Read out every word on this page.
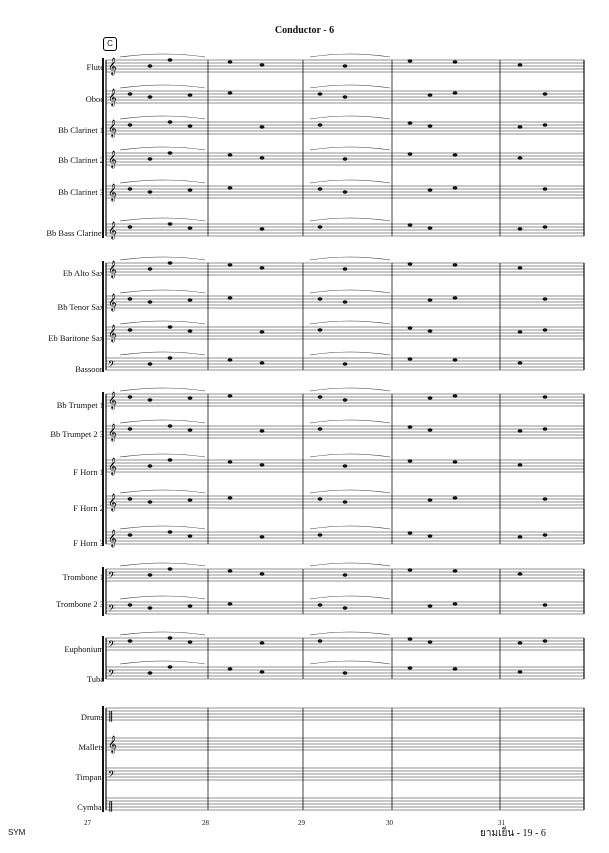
Conductor - 6
C
Flute
Oboe
Bb Clarinet 1
Bb Clarinet 2
Bb Clarinet 3
Bb Bass Clarinet
Eb Alto Sax
Bb Tenor Sax
Eb Baritone Sax
Bassoon
Bb Trumpet 1
Bb Trumpet 2 3
F Horn 1
F Horn 2
F Horn 3
Trombone 1
Trombone 2 3
Euphonium
Tuba
Drums
Mallets
Timpani
Cymbal
𝄞
𝄞
𝄞
𝄞
𝄞
𝄞
𝄞
𝄞
𝄞
𝄢
𝄞
𝄞
𝄞
𝄞
𝄞
𝄢
𝄢
𝄢
𝄢
‖
𝄞
𝄢
‖
27	28	29	30	31
SYM	ยามเย็น - 19 - 6
